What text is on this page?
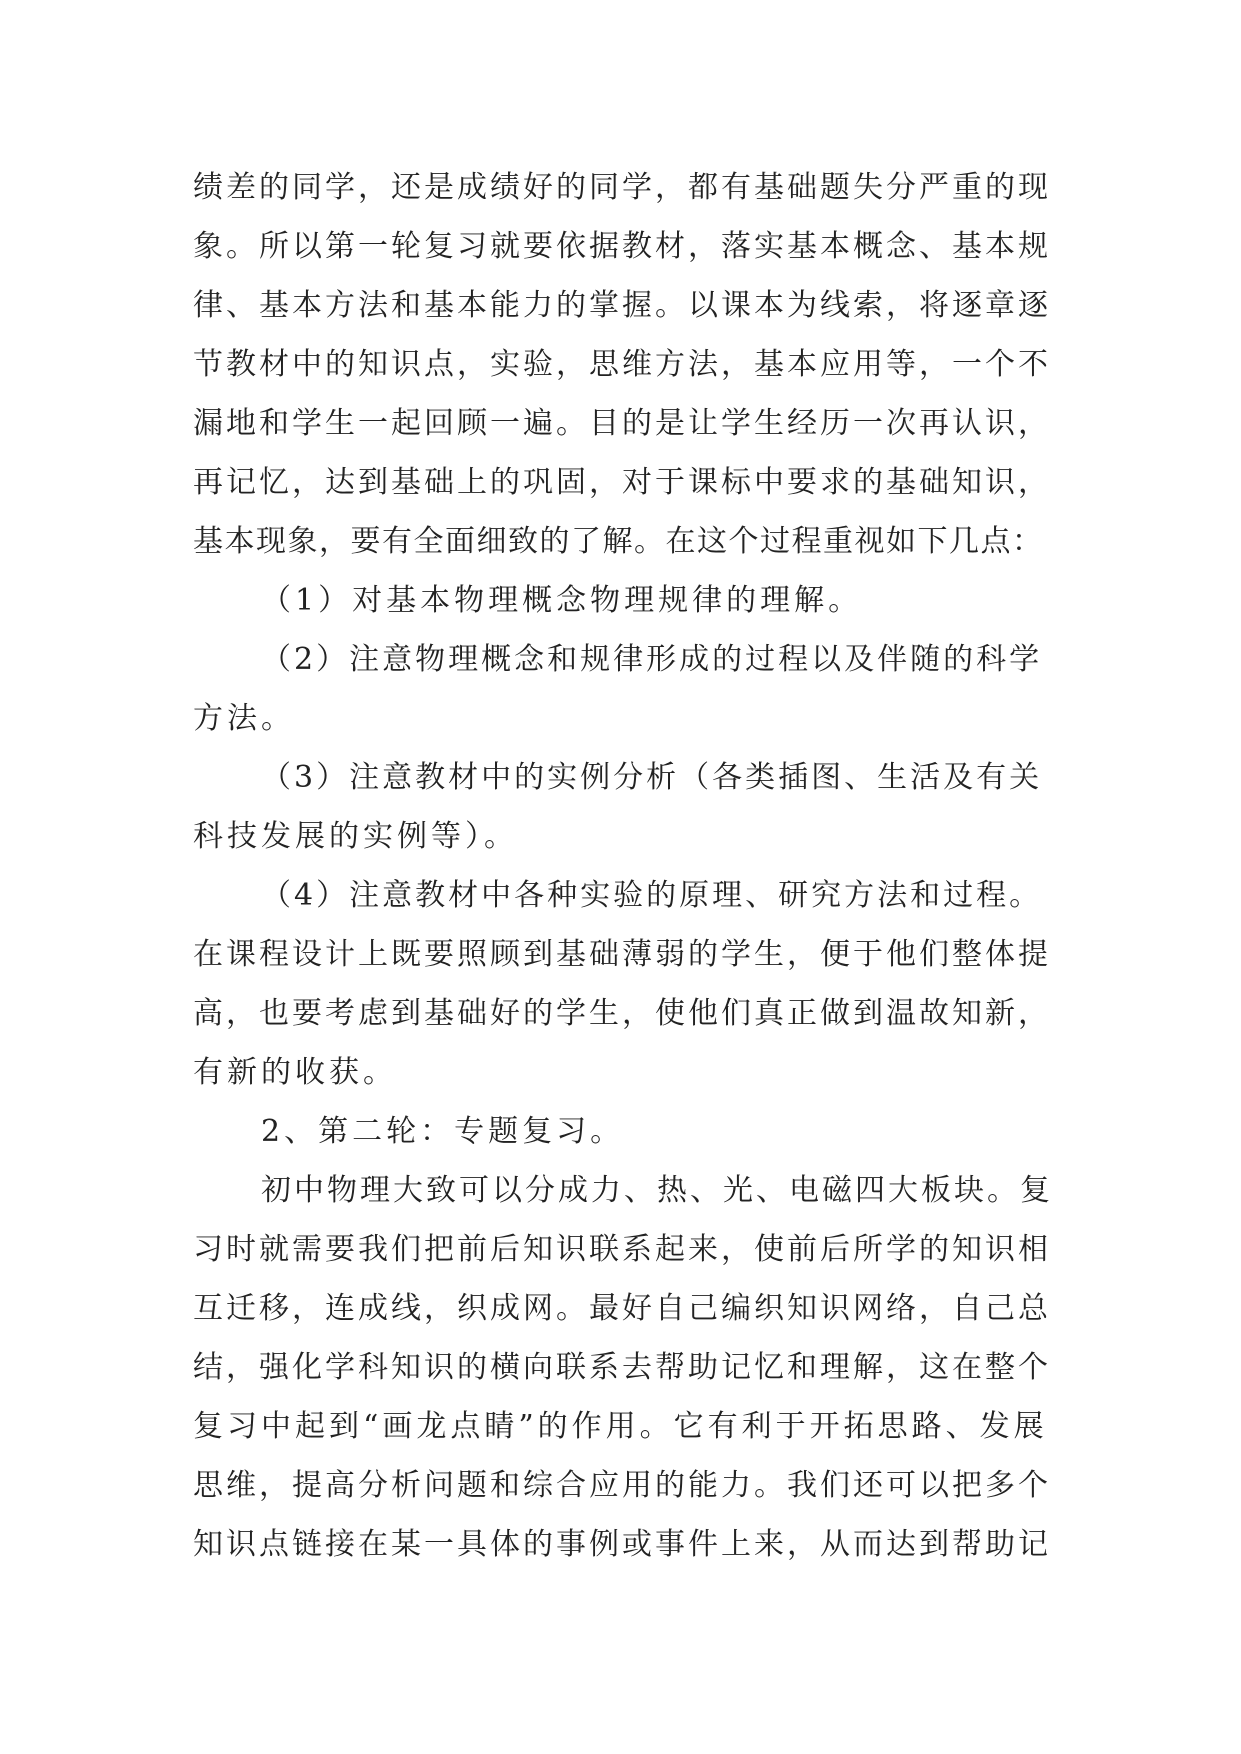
绩差的同学，还是成绩好的同学，都有基础题失分严重的现
象。所以第一轮复习就要依据教材，落实基本概念、基本规
律、基本方法和基本能力的掌握。以课本为线索，将逐章逐
节教材中的知识点，实验，思维方法，基本应用等，一个不
漏地和学生一起回顾一遍。目的是让学生经历一次再认识，
再记忆，达到基础上的巩固，对于课标中要求的基础知识，
基本现象，要有全面细致的了解。在这个过程重视如下几点：
（1）对基本物理概念物理规律的理解。
（2）注意物理概念和规律形成的过程以及伴随的科学
方法。
（3）注意教材中的实例分析（各类插图、生活及有关
科技发展的实例等）。
（4）注意教材中各种实验的原理、研究方法和过程。
在课程设计上既要照顾到基础薄弱的学生，便于他们整体提
高，也要考虑到基础好的学生，使他们真正做到温故知新，
有新的收获。
2、第二轮：专题复习。
初中物理大致可以分成力、热、光、电磁四大板块。复
习时就需要我们把前后知识联系起来，使前后所学的知识相
互迁移，连成线，织成网。最好自己编织知识网络，自己总
结，强化学科知识的横向联系去帮助记忆和理解，这在整个
复习中起到“画龙点睛”的作用。它有利于开拓思路、发展
思维，提高分析问题和综合应用的能力。我们还可以把多个
知识点链接在某一具体的事例或事件上来，从而达到帮助记
